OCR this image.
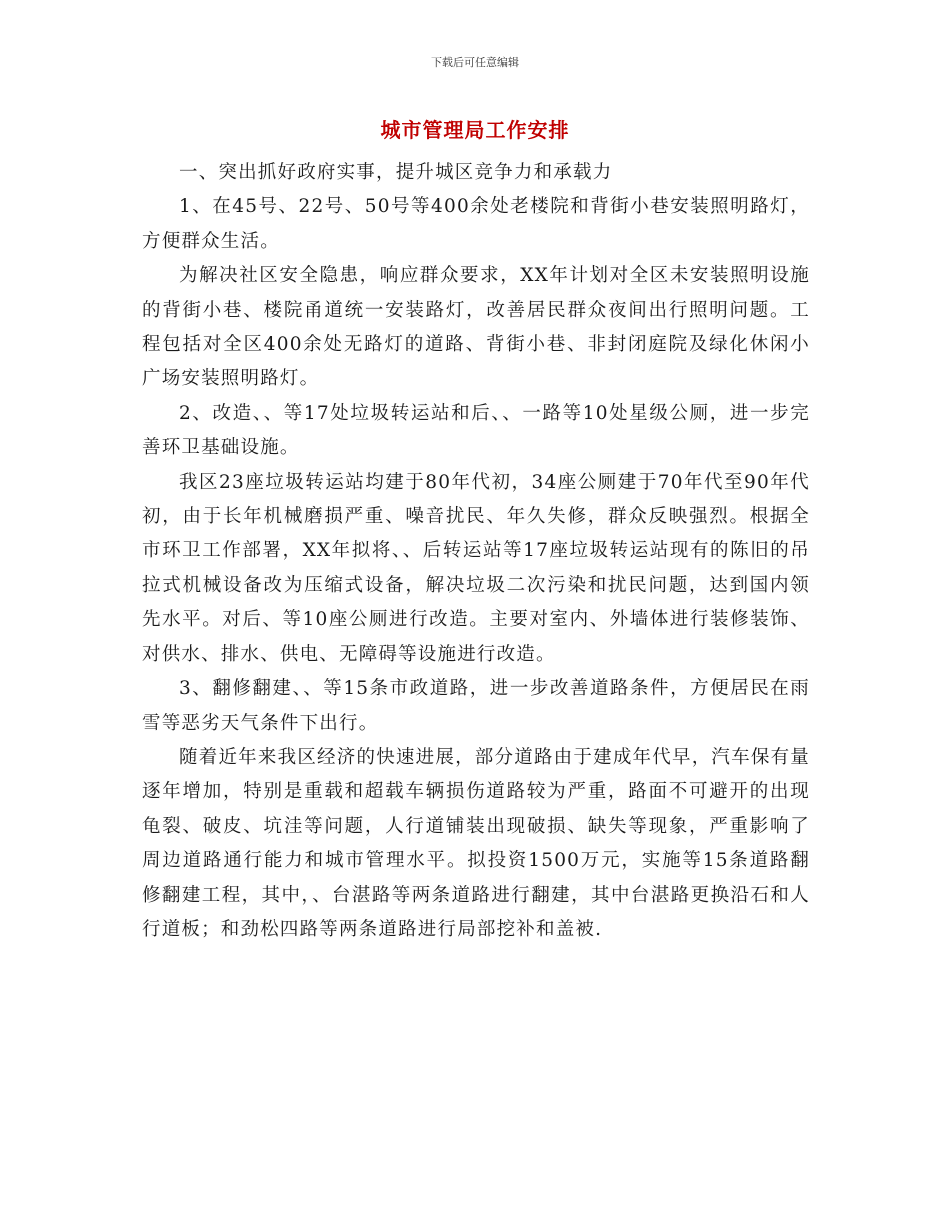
下载后可任意编辑
城市管理局工作安排

一、突出抓好政府实事，提升城区竞争力和承载力

1、在45号、22号、50号等400余处老楼院和背街小巷安装照明路灯，方便群众生活。

为解决社区安全隐患，响应群众要求，XX年计划对全区未安装照明设施的背街小巷、楼院甬道统一安装路灯，改善居民群众夜间出行照明问题。工程包括对全区400余处无路灯的道路、背街小巷、非封闭庭院及绿化休闲小广场安装照明路灯。

2、改造、、等17处垃圾转运站和后、、一路等10处星级公厕，进一步完善环卫基础设施。

我区23座垃圾转运站均建于80年代初，34座公厕建于70年代至90年代初，由于长年机械磨损严重、噪音扰民、年久失修，群众反映强烈。根据全市环卫工作部署，XX年拟将、、后转运站等17座垃圾转运站现有的陈旧的吊拉式机械设备改为压缩式设备，解决垃圾二次污染和扰民问题，达到国内领先水平。对后、等10座公厕进行改造。主要对室内、外墙体进行装修装饰、对供水、排水、供电、无障碍等设施进行改造。

3、翻修翻建、、等15条市政道路，进一步改善道路条件，方便居民在雨雪等恶劣天气条件下出行。

随着近年来我区经济的快速进展，部分道路由于建成年代早，汽车保有量逐年增加，特别是重载和超载车辆损伤道路较为严重，路面不可避开的出现龟裂、破皮、坑洼等问题，人行道铺装出现破损、缺失等现象，严重影响了周边道路通行能力和城市管理水平。拟投资1500万元，实施等15条道路翻修翻建工程，其中，、台湛路等两条道路进行翻建，其中台湛路更换沿石和人行道板；和劲松四路等两条道路进行局部挖补和盖被.
